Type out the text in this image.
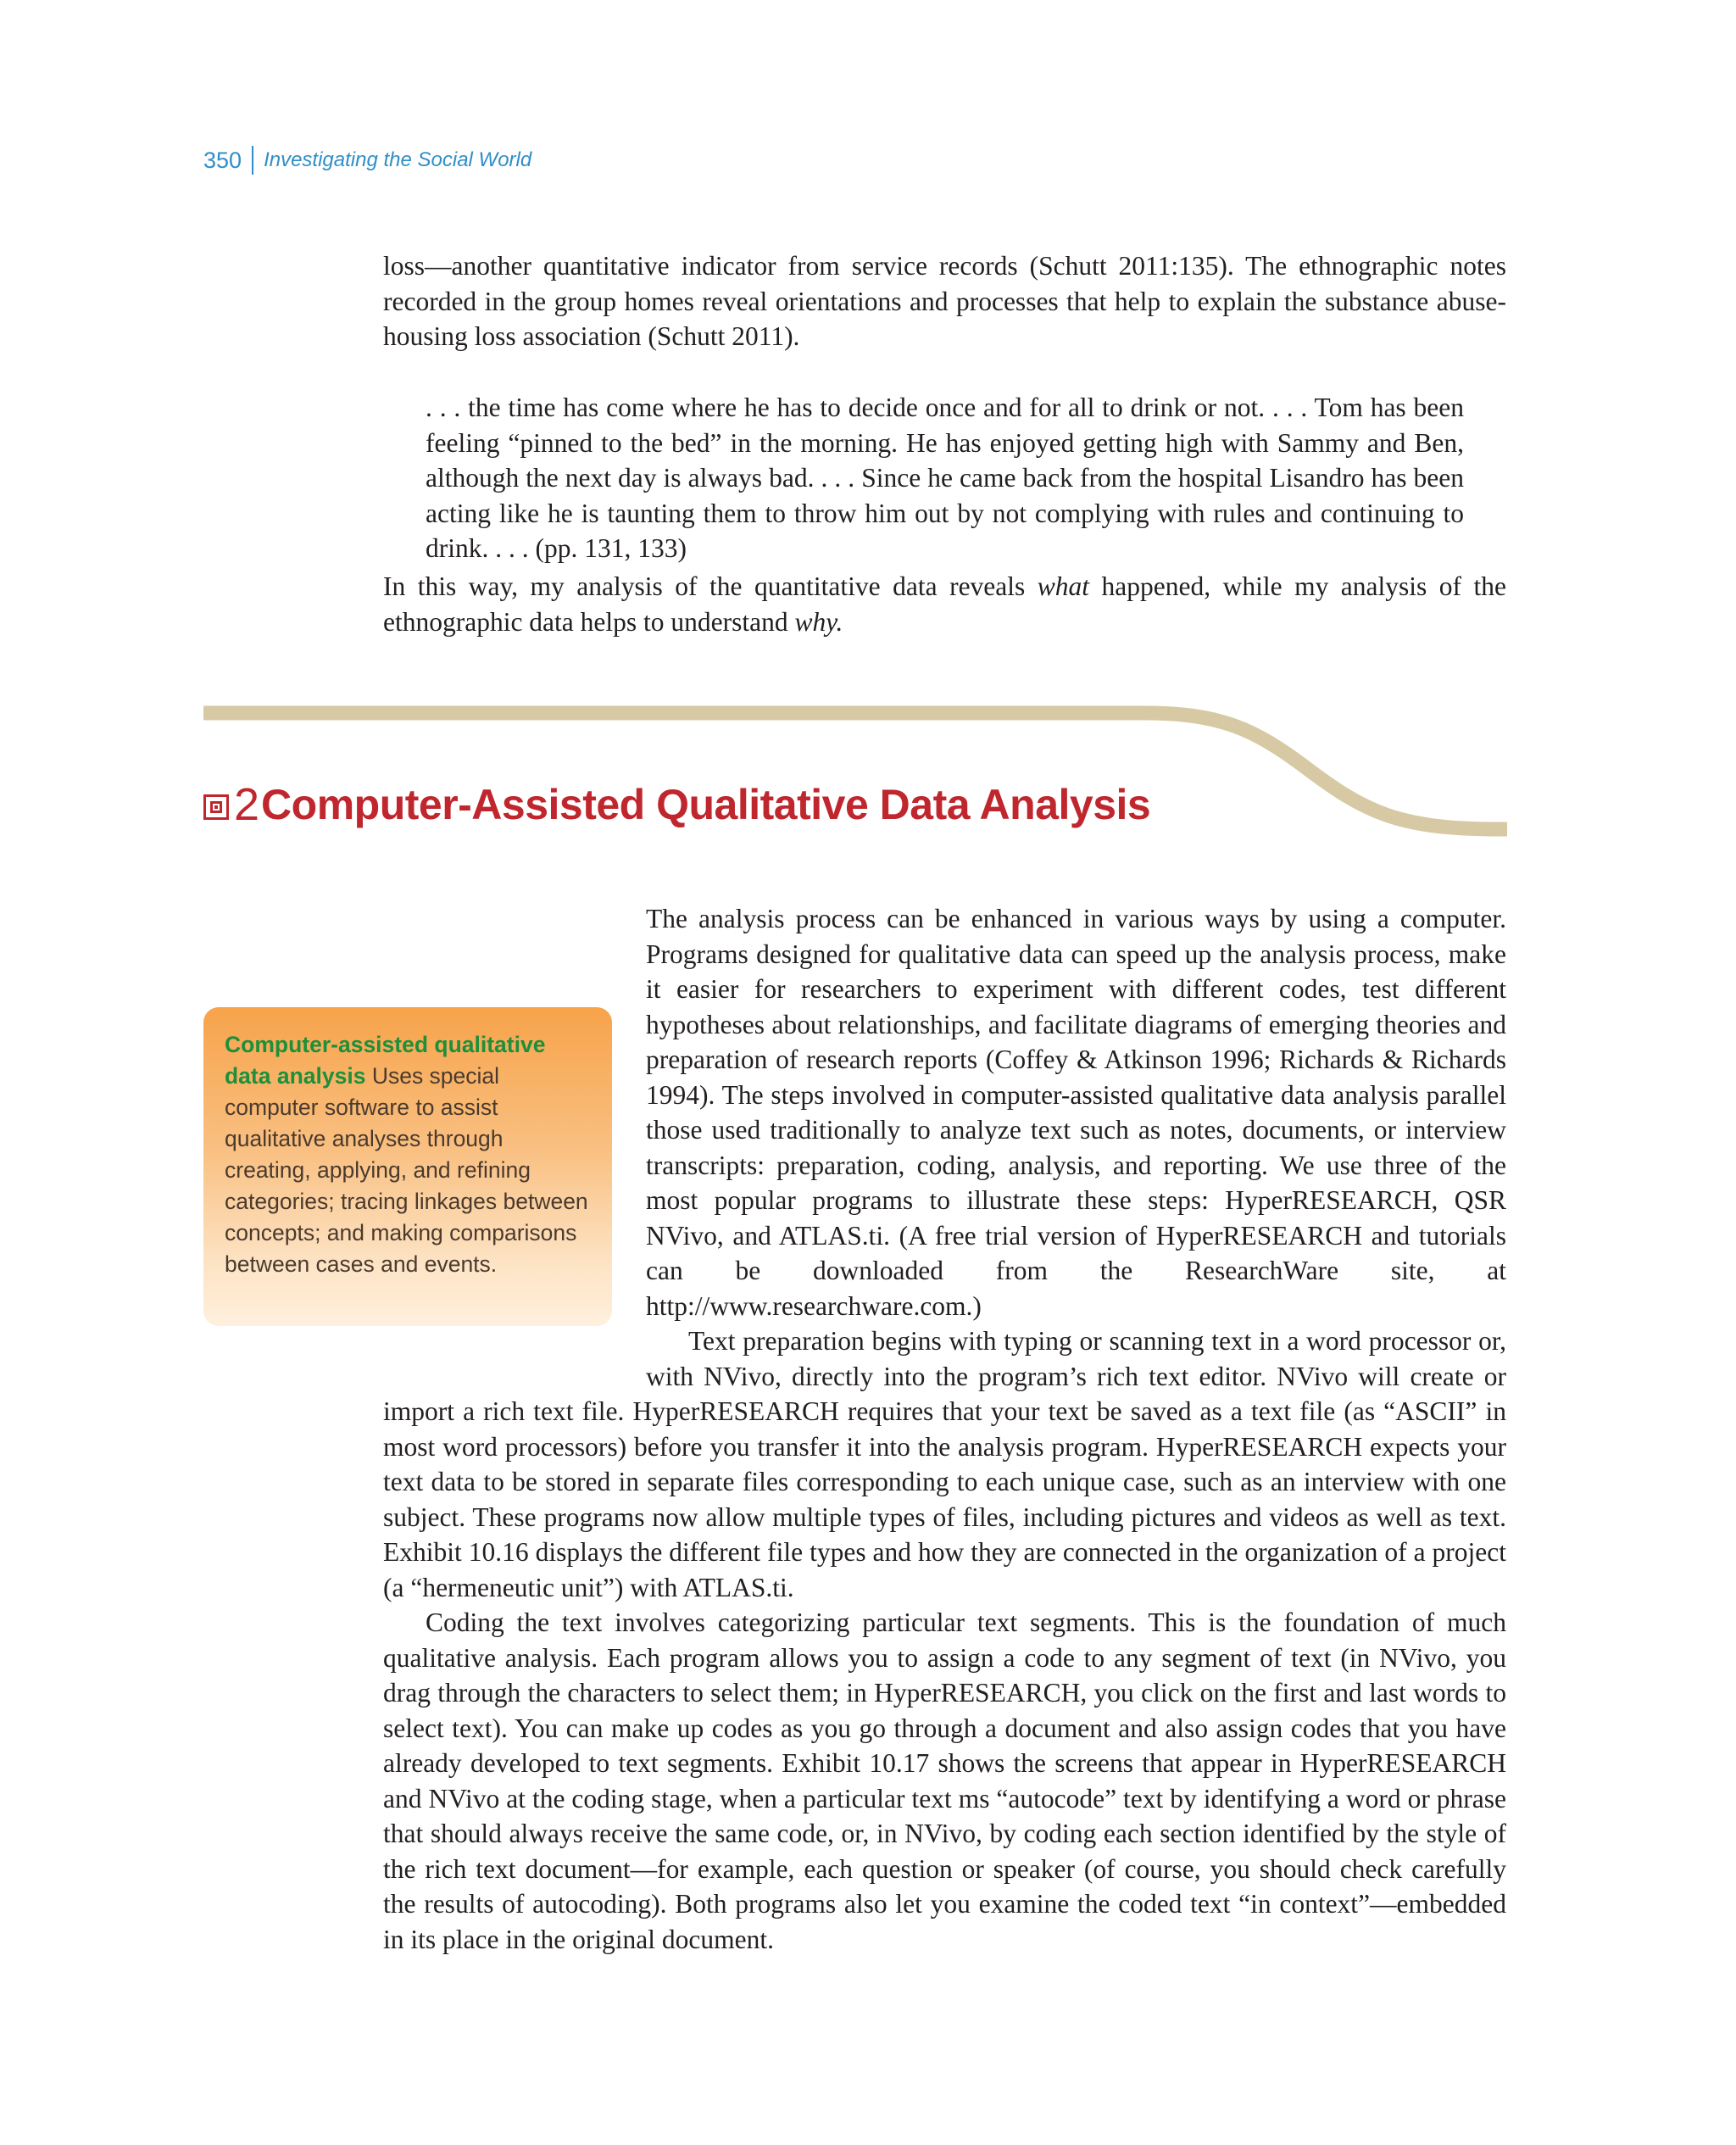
350	Investigating the Social World

loss—another quantitative indicator from service records (Schutt 2011:135). The ethnographic notes recorded in the group homes reveal orientations and processes that help to explain the substance abuse-housing loss association (Schutt 2011).

. . . the time has come where he has to decide once and for all to drink or not. . . . Tom has been feeling “pinned to the bed” in the morning. He has enjoyed getting high with Sammy and Ben, although the next day is always bad. . . . Since he came back from the hospital Lisandro has been acting like he is taunting them to throw him out by not complying with rules and continuing to drink. . . . (pp. 131, 133)

In this way, my analysis of the quantitative data reveals what happened, while my analysis of the ethnographic data helps to understand why.

2 Computer-Assisted Qualitative Data Analysis

The analysis process can be enhanced in various ways by using a computer. Programs designed for qualitative data can speed up the analysis process, make it easier for researchers to experiment with different codes, test different hypotheses about relationships, and facilitate diagrams of emerging theories and preparation of research reports (Coffey & Atkinson 1996; Richards & Richards 1994). The steps involved in computer-assisted qualitative data analysis parallel those used traditionally to analyze text such as notes, documents, or interview transcripts: preparation, coding, analysis, and reporting. We use three of the most popular programs to illustrate these steps: HyperRESEARCH, QSR NVivo, and ATLAS.ti. (A free trial version of HyperRESEARCH and tutorials can be downloaded from the ResearchWare site, at http://www.researchware.com.)

Text preparation begins with typing or scanning text in a word processor or, with NVivo, directly into the program’s rich text editor. NVivo will create or import a rich text file. HyperRESEARCH requires that your text be saved as a text file (as “ASCII” in most word processors) before you transfer it into the analysis program. HyperRESEARCH expects your text data to be stored in separate files corresponding to each unique case, such as an interview with one subject. These programs now allow multiple types of files, including pictures and videos as well as text. Exhibit 10.16 displays the different file types and how they are connected in the organization of a project (a “hermeneutic unit”) with ATLAS.ti.

Coding the text involves categorizing particular text segments. This is the foundation of much qualitative analysis. Each program allows you to assign a code to any segment of text (in NVivo, you drag through the characters to select them; in HyperRESEARCH, you click on the first and last words to select text). You can make up codes as you go through a document and also assign codes that you have already developed to text segments. Exhibit 10.17 shows the screens that appear in HyperRESEARCH and NVivo at the coding stage, when a particular text ms “autocode” text by identifying a word or phrase that should always receive the same code, or, in NVivo, by coding each section identified by the style of the rich text document—for example, each question or speaker (of course, you should check carefully the results of autocoding). Both programs also let you examine the coded text “in context”—embedded in its place in the original document.

Computer-assisted qualitative data analysis Uses special computer software to assist qualitative analyses through creating, applying, and refining categories; tracing linkages between concepts; and making comparisons between cases and events.
